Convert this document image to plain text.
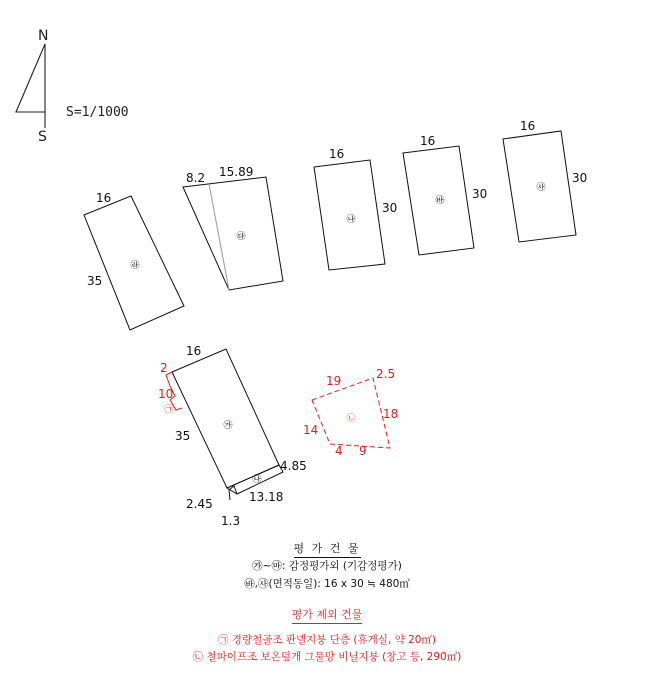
N
S
S=1/1000
16
35
㉱
8.2 15.89
㉰
16
30
㉯
16
30
㉳
16
30
㉴
16
35
㉮
4.85
13.18
2.45
1.3
㉯
2
10
㉠
19	2.5
14
18
4 9
㉡
평 가 건 물
㉮~㉲: 감정평가외 (기감정평가)
㉳,㉴(면적동일): 16 x 30 ≒ 480㎡
평가 제외 건물
㉠ 경량철골조 판넬지붕 단층 (휴게실, 약 20㎡)
㉡ 철파이프조 보온덮개 그물망 비닐지붕 (창고 등, 290㎡)
